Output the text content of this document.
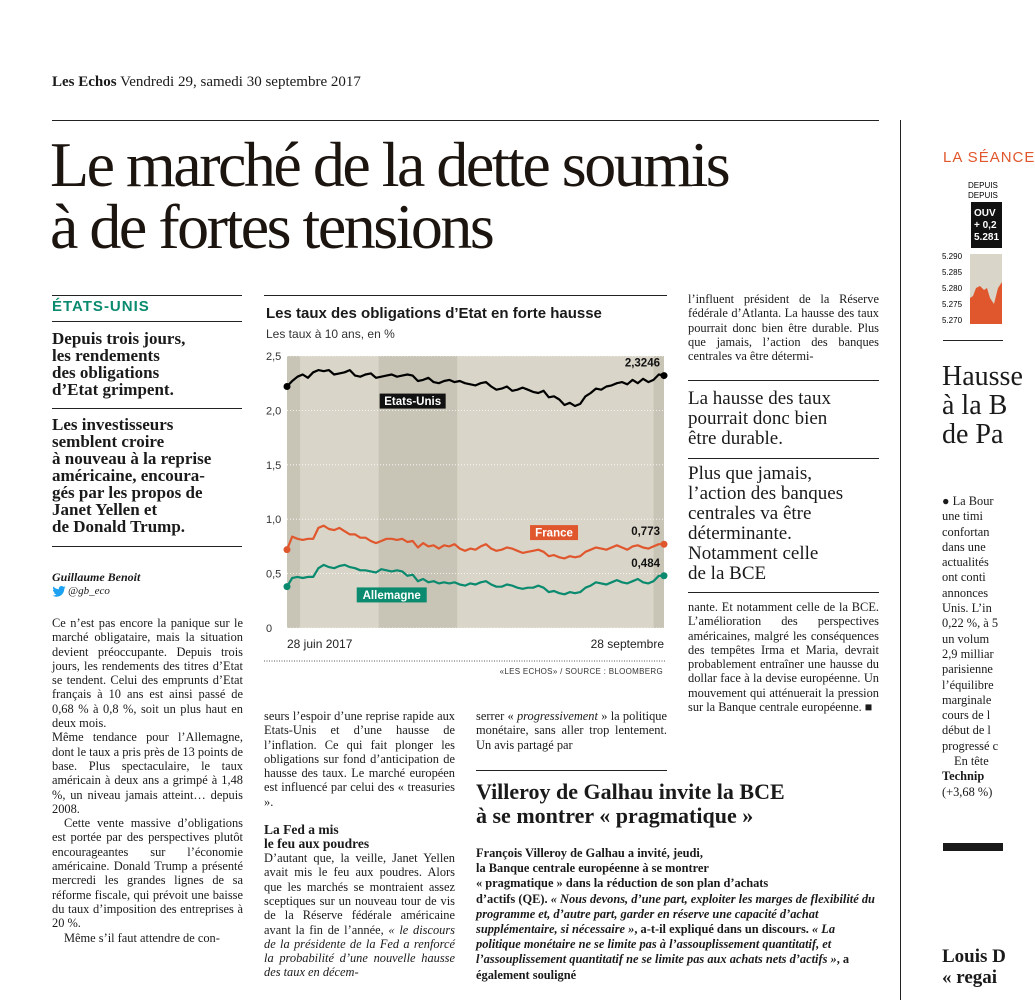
Les Echos Vendredi 29, samedi 30 septembre 2017
Le marché de la dette soumis
à de fortes tensions
ÉTATS-UNIS
Depuis trois jours,
les rendements
des obligations
d’Etat grimpent.
Les investisseurs
semblent croire
à nouveau à la reprise
américaine, encoura-
gés par les propos de
Janet Yellen et
de Donald Trump.
Guillaume Benoit
@gb_eco

Ce n’est pas encore la panique sur le marché obligataire, mais la situation devient préoccupante. Depuis trois jours, les rendements des titres d’Etat se tendent. Celui des emprunts d’Etat français à 10 ans est ainsi passé de 0,68 % à 0,8 %, soit un plus haut en deux mois.

Même tendance pour l’Allemagne, dont le taux a pris près de 13 points de base. Plus spectaculaire, le taux américain à deux ans a grimpé à 1,48 %, un niveau jamais atteint… depuis 2008.

Cette vente massive d’obligations est portée par des perspectives plutôt encourageantes sur l’économie américaine. Donald Trump a présenté mercredi les grandes lignes de sa réforme fiscale, qui prévoit une baisse du taux d’imposition des entreprises à 20 %.

Même s’il faut attendre de con-

Les taux des obligations d’Etat en forte hausse
Les taux à 10 ans, en %
2,5
2,0
1,5
1,0
0,5
0
2,3246
0,773
0,484
Etats-Unis
France
Allemagne
28 juin 2017	28 septembre
«LES ECHOS» / SOURCE : BLOOMBERG

seurs l’espoir d’une reprise rapide aux Etats-Unis et d’une hausse de l’inflation. Ce qui fait plonger les obligations sur fond d’anticipation de hausse des taux. Le marché européen est influencé par celui des « treasuries ».

La Fed a mis
le feu aux poudres

D’autant que, la veille, Janet Yellen avait mis le feu aux poudres. Alors que les marchés se montraient assez sceptiques sur un nouveau tour de vis de la Réserve fédérale américaine avant la fin de l’année, « le discours de la présidente de la Fed a renforcé la probabilité d’une nouvelle hausse des taux en décem-

serrer « progressivement » la politique monétaire, sans aller trop lentement. Un avis partagé par

l’influent président de la Réserve fédérale d’Atlanta. La hausse des taux pourrait donc bien être durable. Plus que jamais, l’action des banques centrales va être détermi-
La hausse des taux
pourrait donc bien
être durable.
Plus que jamais,
l’action des banques
centrales va être
déterminante.
Notamment celle
de la BCE
nante. Et notamment celle de la BCE. L’amélioration des perspectives américaines, malgré les conséquences des tempêtes Irma et Maria, devrait probablement entraîner une hausse du dollar face à la devise européenne. Un mouvement qui atténuerait la pression sur la Banque centrale européenne. ■
Villeroy de Galhau invite la BCE
à se montrer « pragmatique »
François Villeroy de Galhau a invité, jeudi,
la Banque centrale européenne à se montrer
« pragmatique » dans la réduction de son plan d’achats
d’actifs (QE). « Nous devons, d’une part, exploiter les marges de flexibilité du programme et, d’autre part, garder en réserve une capacité d’achat supplémentaire, si nécessaire », a-t-il expliqué dans un discours. « La politique monétaire ne se limite pas à l’assouplissement quantitatif, et l’assouplissement quantitatif ne se limite pas aux achats nets d’actifs », a également souligné
LA SÉANCE
DEPUIS
DEPUIS
OUV
+ 0,2
5.281
5.290
5.285
5.280
5.275
5.270
Hausse
à la B
de Pa
● La Bour
une timi
confortan
dans une
actualités
ont conti
annonces
Unis. L’in
0,22 %, à 5
un volum
2,9 milliar
parisienne
l’équilibre
marginale
cours de l
début de l
progressé c
En tête
Technip
(+3,68 %)
Louis D
« regai
